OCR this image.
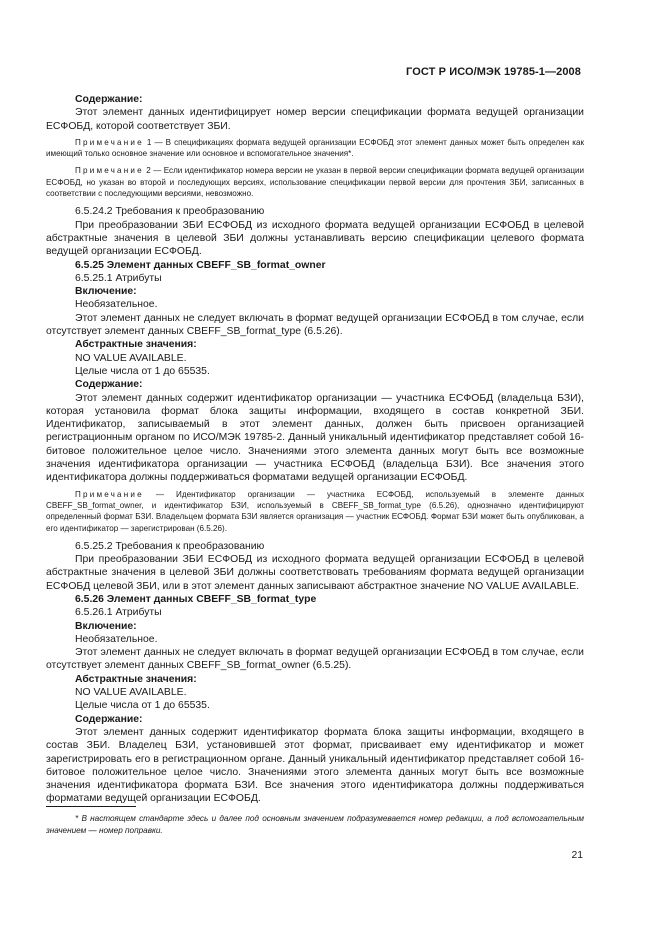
ГОСТ Р ИСО/МЭК 19785-1—2008

Содержание:

Этот элемент данных идентифицирует номер версии спецификации формата ведущей организации ЕСФОБД, которой соответствует ЗБИ.

Примечание 1 — В спецификациях формата ведущей организации ЕСФОБД этот элемент данных может быть определен как имеющий только основное значение или основное и вспомогательное значения*.

Примечание 2 — Если идентификатор номера версии не указан в первой версии спецификации формата ведущей организации ЕСФОБД, но указан во второй и последующих версиях, использование спецификации первой версии для прочтения ЗБИ, записанных в соответствии с последующими версиями, невозможно.

6.5.24.2 Требования к преобразованию

При преобразовании ЗБИ ЕСФОБД из исходного формата ведущей организации ЕСФОБД в целевой абстрактные значения в целевой ЗБИ должны устанавливать версию спецификации целевого формата ведущей организации ЕСФОБД.

6.5.25 Элемент данных CBEFF_SB_format_owner

6.5.25.1 Атрибуты

Включение:

Необязательное.

Этот элемент данных не следует включать в формат ведущей организации ЕСФОБД в том случае, если отсутствует элемент данных CBEFF_SB_format_type (6.5.26).

Абстрактные значения:

NO VALUE AVAILABLE.

Целые числа от 1 до 65535.

Содержание:

Этот элемент данных содержит идентификатор организации — участника ЕСФОБД (владельца БЗИ), которая установила формат блока защиты информации, входящего в состав конкретной ЗБИ. Идентификатор, записываемый в этот элемент данных, должен быть присвоен организацией регистрационным органом по ИСО/МЭК 19785-2. Данный уникальный идентификатор представляет собой 16-битовое положительное целое число. Значениями этого элемента данных могут быть все возможные значения идентификатора организации — участника ЕСФОБД (владельца БЗИ). Все значения этого идентификатора должны поддерживаться форматами ведущей организации ЕСФОБД.

Примечание — Идентификатор организации — участника ЕСФОБД, используемый в элементе данных CBEFF_SB_format_owner, и идентификатор БЗИ, используемый в CBEFF_SB_format_type (6.5.26), однозначно идентифицируют определенный формат БЗИ. Владельцем формата БЗИ является организация — участник ЕСФОБД. Формат БЗИ может быть опубликован, а его идентификатор — зарегистрирован (6.5.26).

6.5.25.2 Требования к преобразованию

При преобразовании ЗБИ ЕСФОБД из исходного формата ведущей организации ЕСФОБД в целевой абстрактные значения в целевой ЗБИ должны соответствовать требованиям формата ведущей организации ЕСФОБД целевой ЗБИ, или в этот элемент данных записывают абстрактное значение NO VALUE AVAILABLE.

6.5.26 Элемент данных CBEFF_SB_format_type

6.5.26.1 Атрибуты

Включение:

Необязательное.

Этот элемент данных не следует включать в формат ведущей организации ЕСФОБД в том случае, если отсутствует элемент данных CBEFF_SB_format_owner (6.5.25).

Абстрактные значения:

NO VALUE AVAILABLE.

Целые числа от 1 до 65535.

Содержание:

Этот элемент данных содержит идентификатор формата блока защиты информации, входящего в состав ЗБИ. Владелец БЗИ, установившей этот формат, присваивает ему идентификатор и может зарегистрировать его в регистрационном органе. Данный уникальный идентификатор представляет собой 16-битовое положительное целое число. Значениями этого элемента данных могут быть все возможные значения идентификатора формата БЗИ. Все значения этого идентификатора должны поддерживаться форматами ведущей организации ЕСФОБД.

* В настоящем стандарте здесь и далее под основным значением подразумевается номер редакции, а под вспомогательным значением — номер поправки.
21
